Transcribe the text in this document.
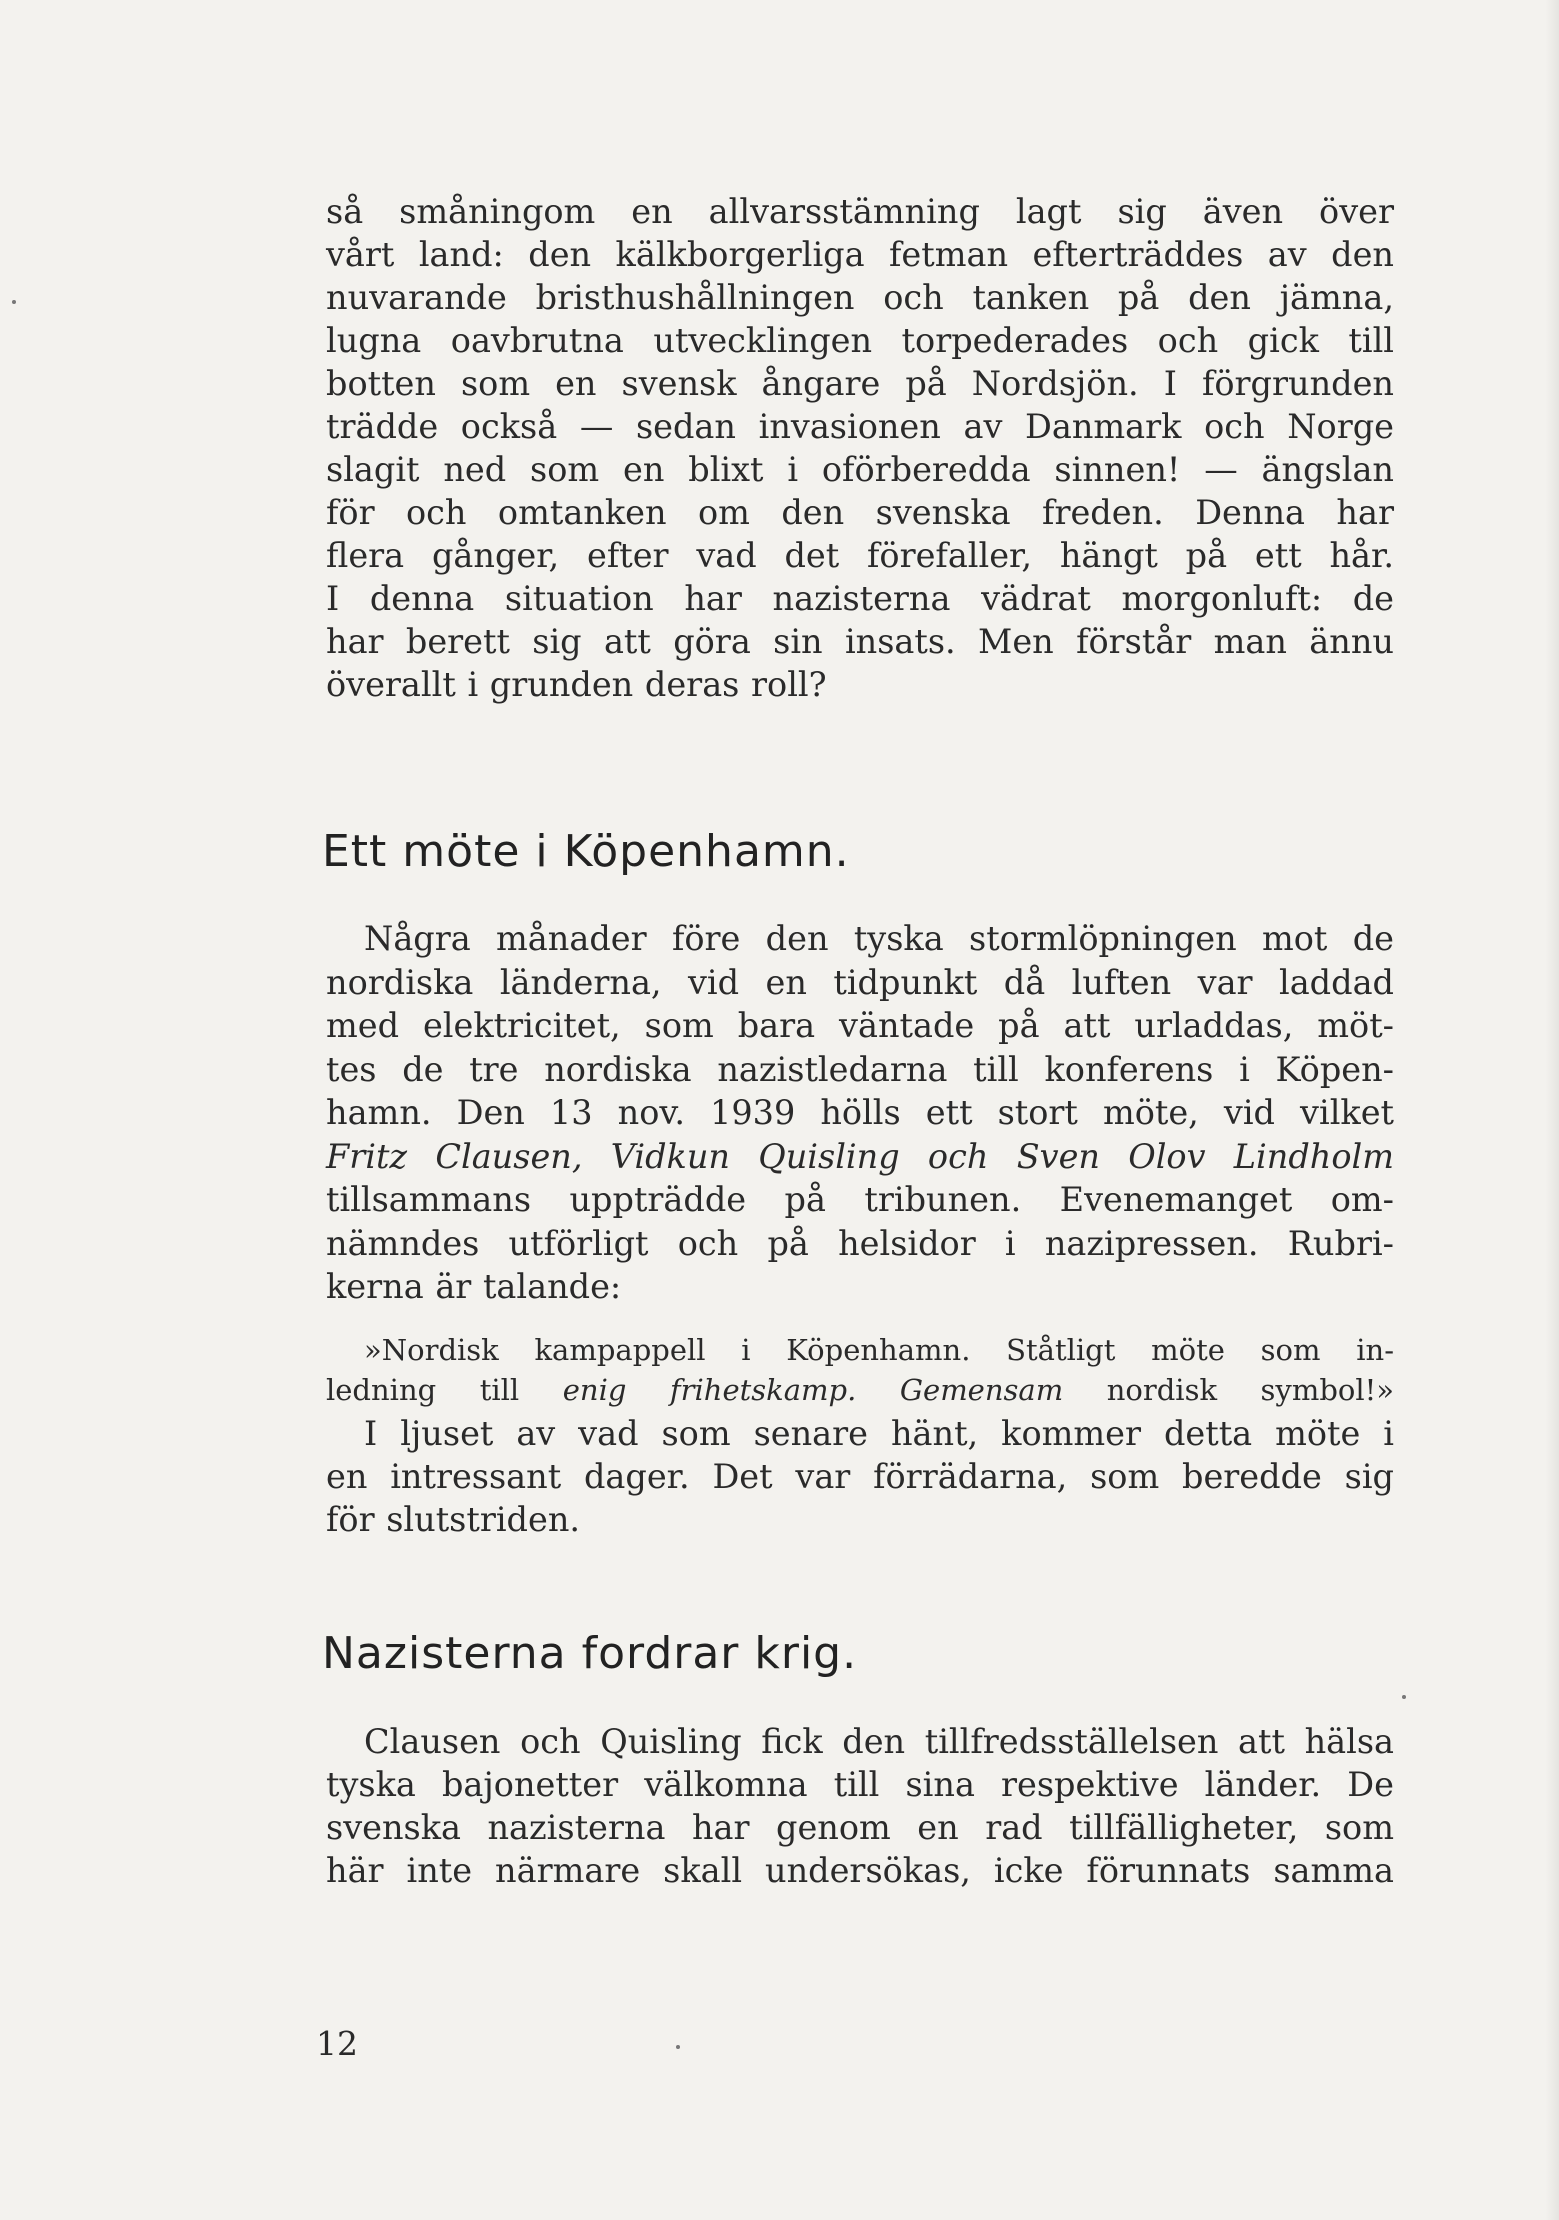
så småningom en allvarsstämning lagt sig även över
vårt land: den kälkborgerliga fetman efterträddes av den
nuvarande bristhushållningen och tanken på den jämna,
lugna oavbrutna utvecklingen torpederades och gick till
botten som en svensk ångare på Nordsjön. I förgrunden
trädde också — sedan invasionen av Danmark och Norge
slagit ned som en blixt i oförberedda sinnen! — ängslan
för och omtanken om den svenska freden. Denna har
flera gånger, efter vad det förefaller, hängt på ett hår.
I denna situation har nazisterna vädrat morgonluft: de
har berett sig att göra sin insats. Men förstår man ännu
överallt i grunden deras roll?
Ett möte i Köpenhamn.
Några månader före den tyska stormlöpningen mot de
nordiska länderna, vid en tidpunkt då luften var laddad
med elektricitet, som bara väntade på att urladdas, möt-
tes de tre nordiska nazistledarna till konferens i Köpen-
hamn. Den 13 nov. 1939 hölls ett stort möte, vid vilket
Fritz Clausen, Vidkun Quisling och Sven Olov Lindholm
tillsammans uppträdde på tribunen. Evenemanget om-
nämndes utförligt och på helsidor i nazipressen. Rubri-
kerna är talande:
»Nordisk kampappell i Köpenhamn. Ståtligt möte som in-
ledning till enig frihetskamp. Gemensam nordisk symbol!»
I ljuset av vad som senare hänt, kommer detta möte i
en intressant dager. Det var förrädarna, som beredde sig
för slutstriden.
Nazisterna fordrar krig.
Clausen och Quisling fick den tillfredsställelsen att hälsa
tyska bajonetter välkomna till sina respektive länder. De
svenska nazisterna har genom en rad tillfälligheter, som
här inte närmare skall undersökas, icke förunnats samma
12
